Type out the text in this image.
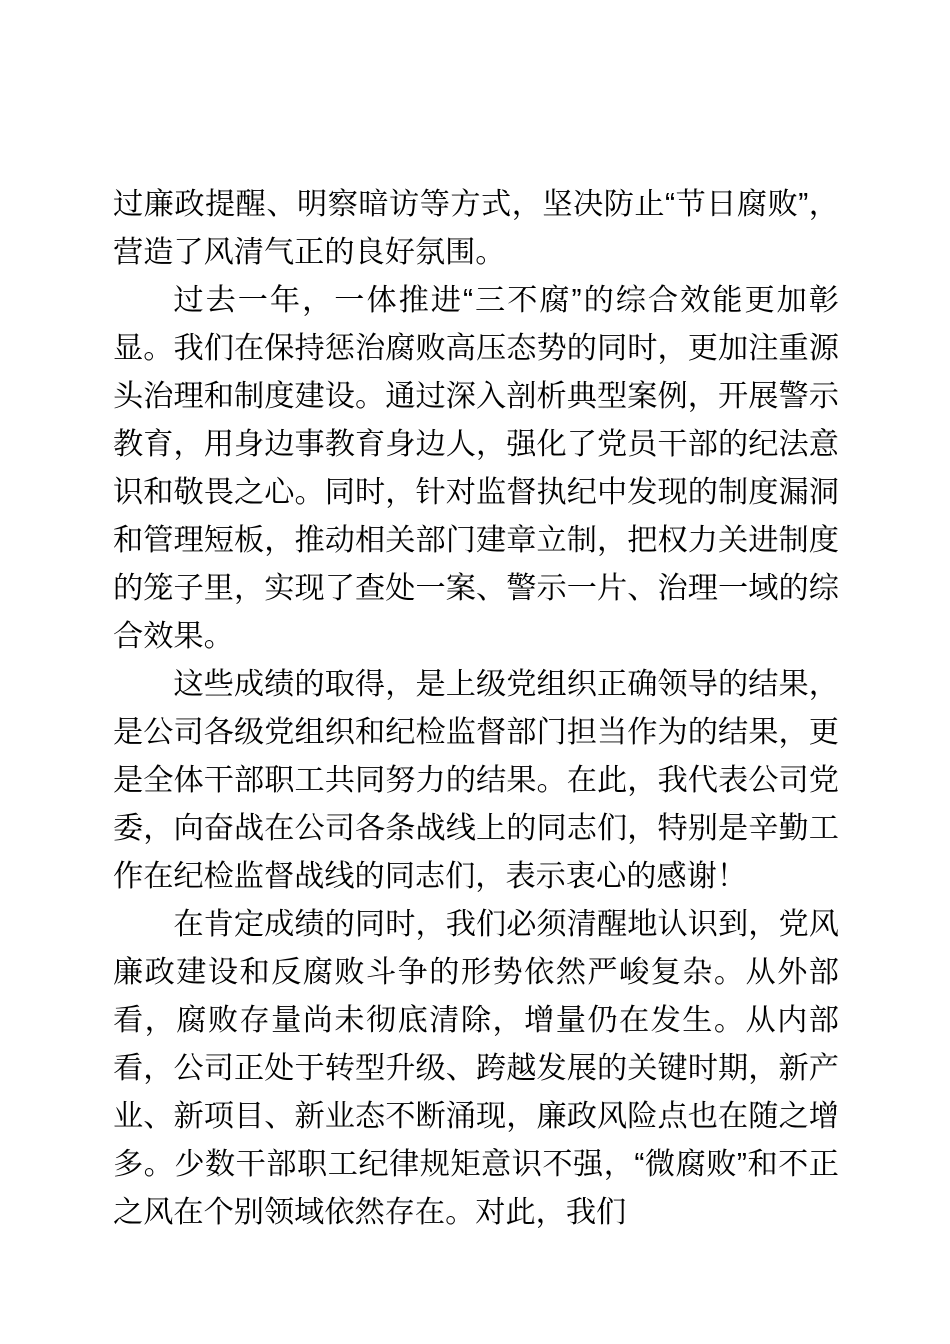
过廉政提醒、明察暗访等方式，坚决防止“节日腐败”，营造了风清气正的良好氛围。

过去一年，一体推进“三不腐”的综合效能更加彰显。我们在保持惩治腐败高压态势的同时，更加注重源头治理和制度建设。通过深入剖析典型案例，开展警示教育，用身边事教育身边人，强化了党员干部的纪法意识和敬畏之心。同时，针对监督执纪中发现的制度漏洞和管理短板，推动相关部门建章立制，把权力关进制度的笼子里，实现了查处一案、警示一片、治理一域的综合效果。

这些成绩的取得，是上级党组织正确领导的结果，是公司各级党组织和纪检监督部门担当作为的结果，更是全体干部职工共同努力的结果。在此，我代表公司党委，向奋战在公司各条战线上的同志们，特别是辛勤工作在纪检监督战线的同志们，表示衷心的感谢！

在肯定成绩的同时，我们必须清醒地认识到，党风廉政建设和反腐败斗争的形势依然严峻复杂。从外部看，腐败存量尚未彻底清除，增量仍在发生。从内部看，公司正处于转型升级、跨越发展的关键时期，新产业、新项目、新业态不断涌现，廉政风险点也在随之增多。少数干部职工纪律规矩意识不强，“微腐败”和不正之风在个别领域依然存在。对此，我们
